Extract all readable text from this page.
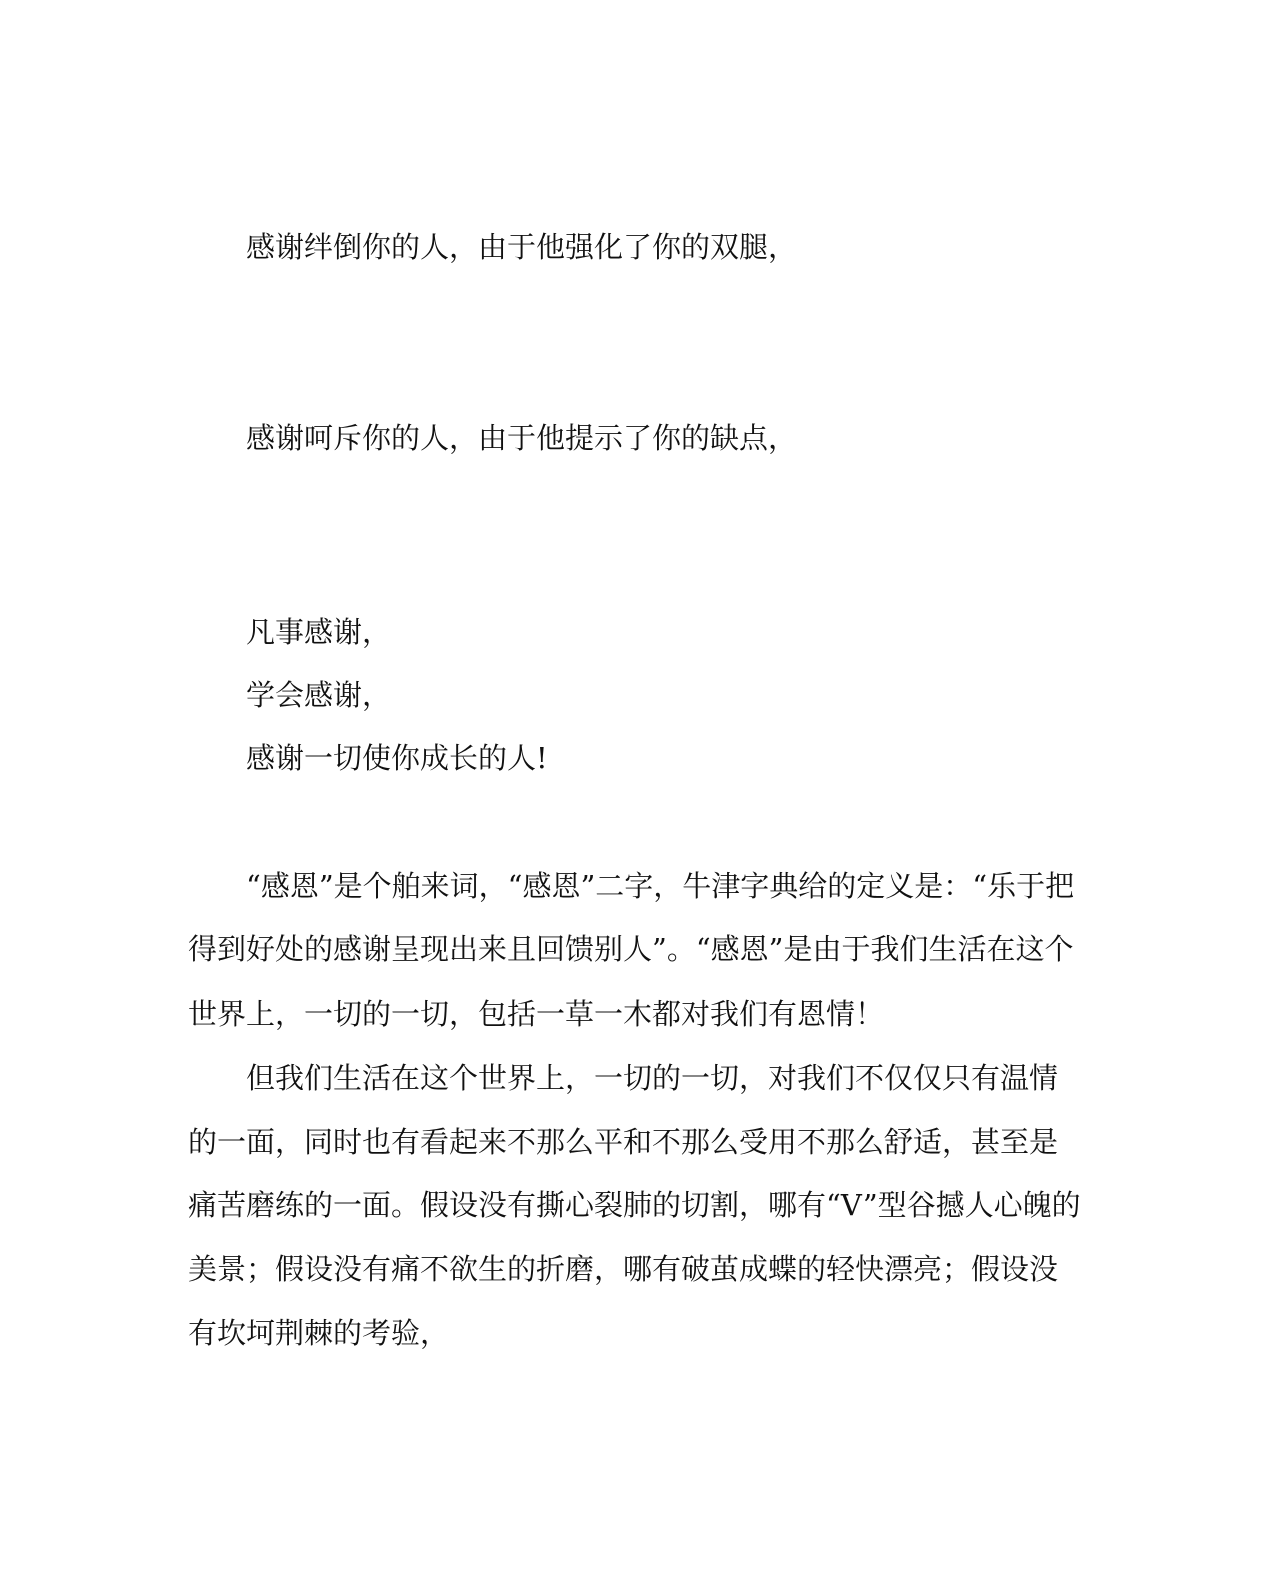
感谢绊倒你的人，由于他强化了你的双腿，
感谢呵斥你的人，由于他提示了你的缺点，
凡事感谢，
学会感谢，
感谢一切使你成长的人!
“感恩”是个舶来词，“感恩”二字，牛津字典给的定义是：“乐于把
得到好处的感谢呈现出来且回馈别人”。“感恩”是由于我们生活在这个
世界上，一切的一切，包括一草一木都对我们有恩情！
但我们生活在这个世界上，一切的一切，对我们不仅仅只有温情
的一面，同时也有看起来不那么平和不那么受用不那么舒适，甚至是
痛苦磨练的一面。假设没有撕心裂肺的切割，哪有“V”型谷撼人心魄的
美景；假设没有痛不欲生的折磨，哪有破茧成蝶的轻快漂亮；假设没
有坎坷荆棘的考验，
